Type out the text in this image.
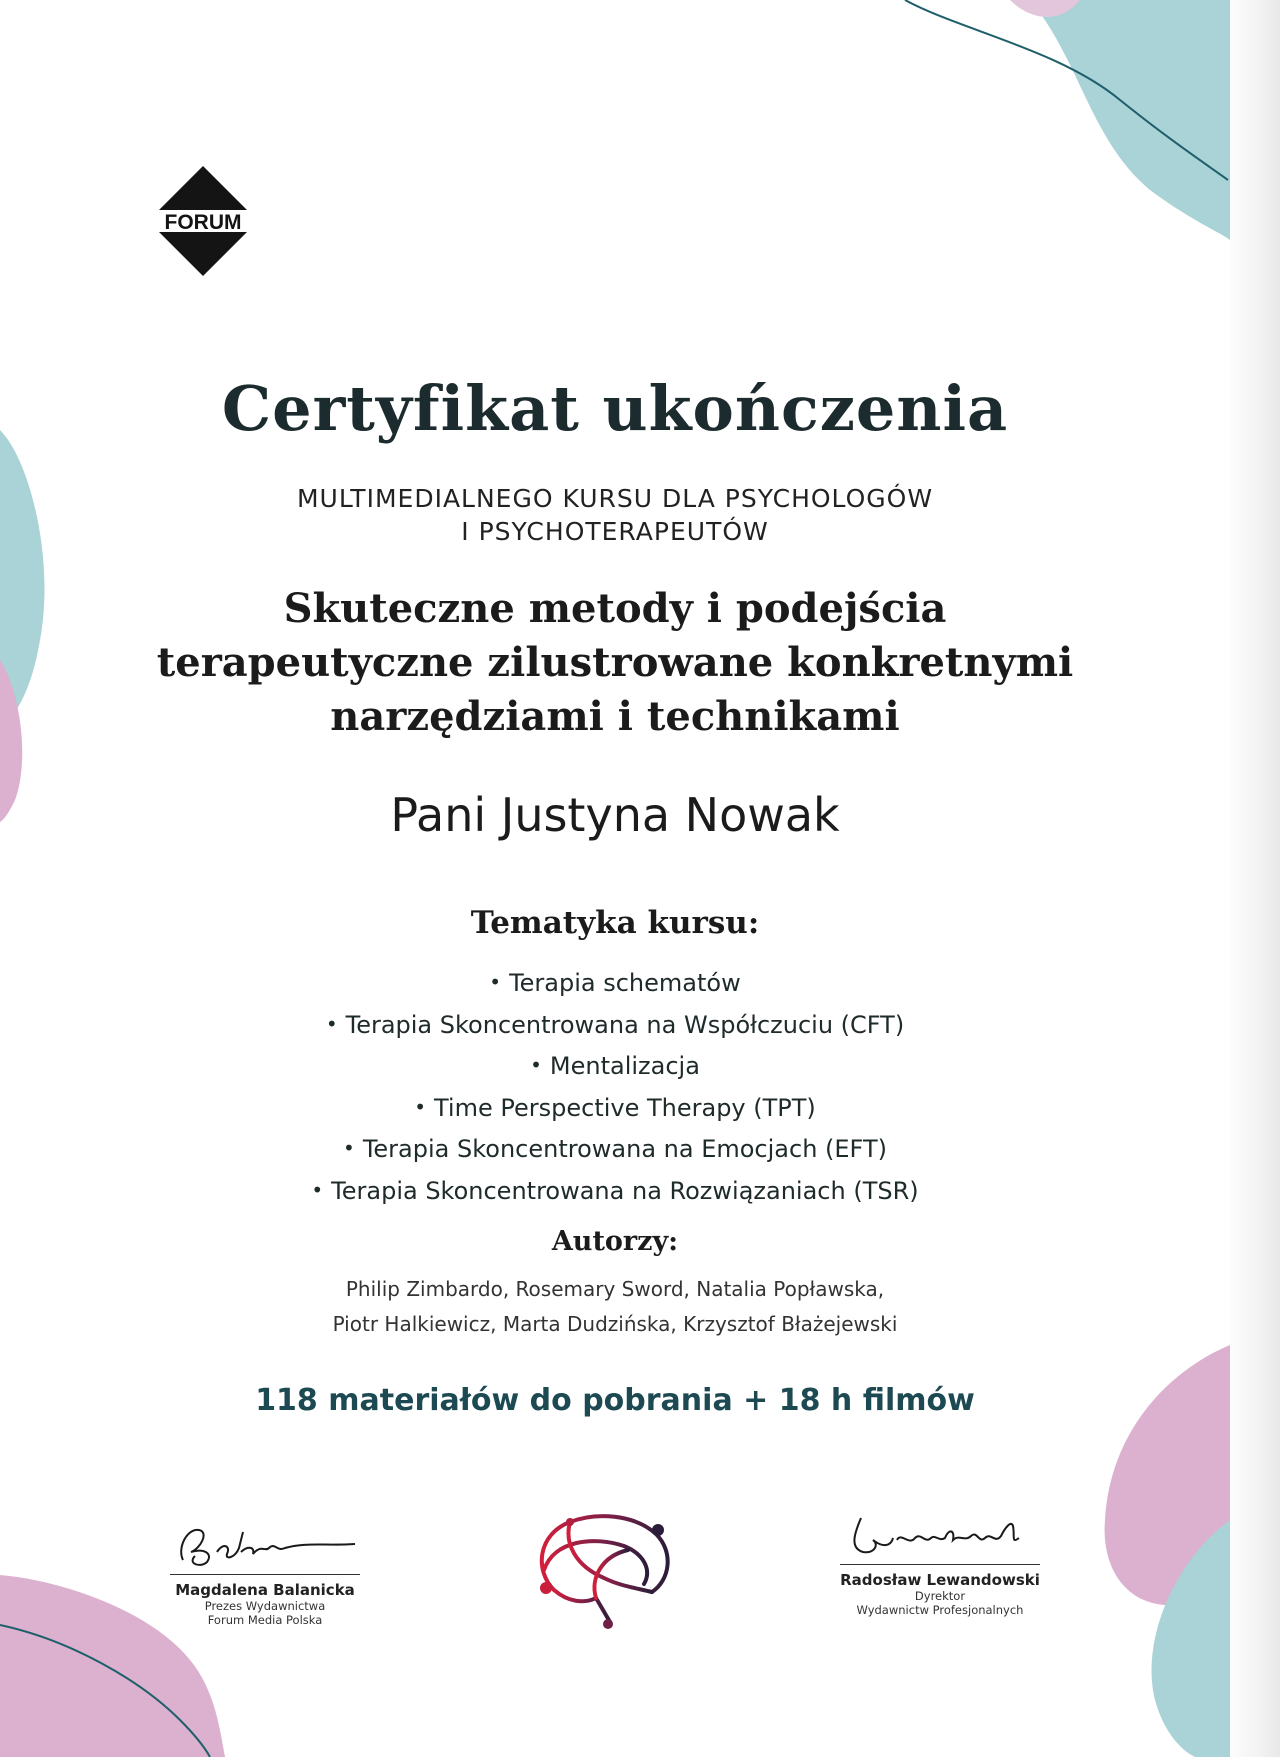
FORUM
Certyfikat ukończenia
MULTIMEDIALNEGO KURSU DLA PSYCHOLOGÓW
I PSYCHOTERAPEUTÓW
Skuteczne metody i podejścia
terapeutyczne zilustrowane konkretnymi
narzędziami i technikami
Pani Justyna Nowak
Tematyka kursu:
• Terapia schematów
• Terapia Skoncentrowana na Współczuciu (CFT)
• Mentalizacja
• Time Perspective Therapy (TPT)
• Terapia Skoncentrowana na Emocjach (EFT)
• Terapia Skoncentrowana na Rozwiązaniach (TSR)
Autorzy:
Philip Zimbardo, Rosemary Sword, Natalia Popławska,
Piotr Halkiewicz, Marta Dudzińska, Krzysztof Błażejewski
118 materiałów do pobrania + 18 h filmów
Magdalena Balanicka
Prezes Wydawnictwa
Forum Media Polska
Radosław Lewandowski
Dyrektor
Wydawnictw Profesjonalnych
